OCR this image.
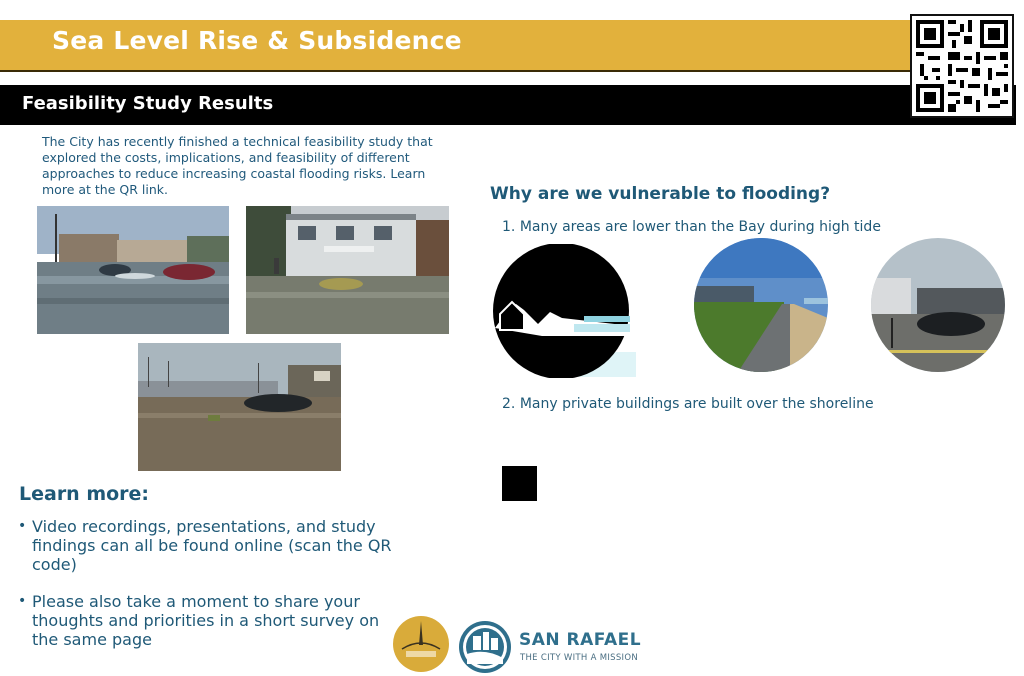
Sea Level Rise & Subsidence
Feasibility Study Results
The City has recently finished a technical feasibility study that explored the costs, implications, and feasibility of different approaches to reduce increasing coastal flooding risks. Learn more at the QR link.	Why are we vulnerable to flooding?
1. Many areas are lower than the Bay during high tide
2. Many private buildings are built over the shoreline
Learn more:
• Video recordings, presentations, and study findings can all be found online (scan the QR code)
• Please also take a moment to share your thoughts and priorities in a short survey on the same page	SAN RAFAEL
THE CITY WITH A MISSION
